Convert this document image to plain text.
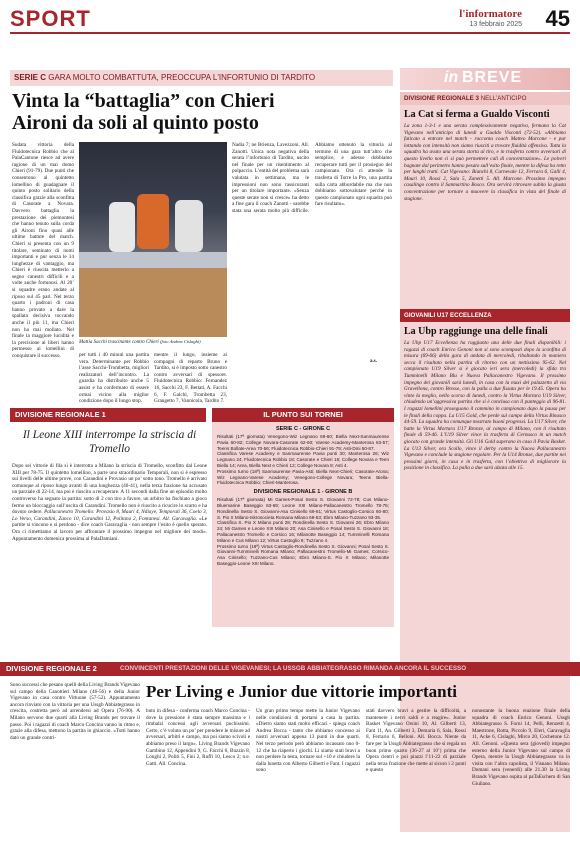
SPORT	l'informatore
13 febbraio 2025 45
SERIE C GARA MOLTO COMBATTUTA, PREOCCUPA L'INFORTUNIO DI TARDITO
Vinta la “battaglia” con Chieri
Aironi da soli al quinto posto
Sudata vittoria della Fluidotecnica Robbio che al PalaCantone riesce ad avere ragione di un mai domo Chieri (91-79). Due punti che consentono al quintetto lomellino di guadagnare il quinto posto solitario della classifica grazie alla sconfitta di Casorate a Novara. Davvero battaglia la prestazione dei piemontesi che hanno tenuto sulla corda gli Aironi fino quasi alle ultime battute del match. Chieri si presenta con un 9 titolare, seminato di nomi importanti e pur senza le 14 lunghezze di vantaggio, ma Chieri è riuscita metterlo a segno canestri difficili e a volte anche fortunosi. Al 20’ si squadre erano andate al riposo sul 45 pari. Nel terzo quarto i padroni di casa hanno provato a dare la spallata decisiva toccando anche il più 11, ma Chieri non ha mai mollato. Nel finale la maggiore lucidità e la precisione ai liberi hanno permesso ai lomellini di conquistare il successo.
Mattia Sacchi trascinante contro Chieri (foto Andrea Cislaghi)
per tutti i 40 minuti una partita vera. Determinante per Robbio l’asse Sacchi-Trombetta, migliori realizzatori dell’incontro. La guardia ha distribuito anche 5 assist e ha confermato di essere ormai vicino alla miglior condizione dopo il lungo stop.
mentre il lungo, insieme ai compagni di reparto Bruno e Tardito, si è imposto sotto canestro contro avversari di spessore. Fluidotecnica Robbio: Fernandez 16, Sacchi 23, F. Bettati, A. Facchi 6, F. Galchi, Trombetta 23, Grangetto 7, Vannicola, Tardito 7.
Nadia 7; ne Brienza, Lavezzoni. All. Zanotti. Unica nota negativa della serata l’infortunio di Tardito, uscito nel finale per un risentimento al polpaccio. L’entità del problema sarà valutata in settimana, ma le impressioni non sono rassicuranti per un titolare importante. «Senza queste serate non si cresce» ha detto a fine gara il coach Zanotti - sarebbe stata una serata molto più difficile. Abbiamo ottenuto la vittoria al termine di una gara tutt’altro che semplice, e adesso dobbiamo recuperare tutti per il prosieguo del campionato. Ora ci attende la trasferta di Torre la Pro, una partita sulla carta abbordabile ma che non dobbiamo sottovalutare perché in questo campionato ogni squadra può fare risultato».
a.s.
DIVISIONE REGIONALE 1
Il Leone XIII interrompe la striscia di Tromello
Dopo sei vittorie di fila si è interrotta a Milano la striscia di Tromello, sconfitto dal Leone XIII per 78-75. Il quintetto lomellino, a parte uno straordinario Temporali, non si è espresso sui livelli delle ultime prove, con Carandini e Provasio un po’ sotto tono. Tromello è arrivato comunque al riposo lungo avanti di una lunghezza (40-41), nella terza frazione ha accusato un parziale di 22-14, ma poi è riuscito a recuperare. A 11 secondi dalla fine un episodio molto controverso ha segnato la partita: sotto di 2 con tiro a favore, un arbitro ha fischiato a gioco fermo un bloccaggio sull’uscita di Carandini. Tromello non è riuscito a ricucire lo scarto e ha dovuto cedere. Pallacanestro Tromello: Provasio 8, Mauri 4, Ndiaye, Temporali 36, Coelo 3, Lo Verso, Carandini, Zanco 10, Carandini 12, Politano 2, Fontanesi. All. Garavaglia. «Le partite si vincono e si perdono - dice coach Garavaglia - non sempre l’esito è quello sperato. Ora ci rimettiamo al lavoro per affrontare il prossimo impegno nel migliore dei modi». Appuntamento domenica prossima al PalaDamiani.
IL PUNTO SUI TORNEI
SERIE C - GIRONE C
Risultati (17ª giornata) Venegono-Wiz Legnano 69-60; Biella Next-Sanmaurense Pavia 60-82; College Novara-Casorate 62-60; Varese Academy-Manterosa 63-57; Teens Bollate-Area 70-56; Fluidotecnica Robbio-Chieri 91-79; Asti-Dmi 50-87.
Classifica Varese Academy e Sanmaurense Pavia punti 30; Manterosa 26; Wiz Legnano 24; Fluidotecnica Robbio 18; Casorate e Chieri 16; College Novara e Teen Biella 14; Area, Biella Next e Chieri 12; College Novara 8; Asti 4.
Prossimo turno (18ª) Sanmaurense Pavia-Asti; Biella Next-Chieri; Casorate-Arona; Wiz Legnano-Varese Academy; Venegono-College Novara; Teens Biella-Fluidotecnica Robbio; Chieri-Manterosa.
DIVISIONE REGIONALE 1 - GIRONE B
Risultati (17ª giornata) Mi Games-Posal Sesto S. Giovanni 72-78; Cus Milano-Bluemarine Baseggio 63-69; Leone XIII Milano-Pallacanestro Tromello 78-75; Rondinella Sesto S. Giovanni-Asa Cinisello 69-61; Virtus Castoglio-Corsico 60-80; S. Pio X Milano-Iskrosocieta Romana Milano 69-53; Ebro Milano-Tuzzano 93-35.
Classifica S. Pio X Milano punti 28; Rondinella Sesto S. Giovanni 26; Ebro Milano 24; Mi Games e Leone XIII Milano 20; Asa Cinisello e Posal Sesto S. Giovanni 18; Pallacanestro Tromello e Corsico 16; Milanotte Baseggio 14; Tumminelli Romana Milano e Cus Milano 12; Virtus Castoglio 8; Tuzzano 4.
Prossimo turno (18ª) Virtus Castoglio-Rondinella Sesto S. Giovanni; Posal Sesto S. Giovanni-Tumminelli Romana Milano; Pallacanestro Tromello-Mi Games; Corsico-Asa Cinisello; Tuzzano-Cus Milano; Ebro Milano-S. Pio X Milano; Milanotte Baseggio-Leone XIII Milano.
in BREVE
DIVISIONE REGIONALE 3 NELL’ANTICIPO
La Cat si ferma a Gualdo Visconti
La zona 1-3-1 e una serata complessivamente negativa, fermano la Cat Vigevano nell’anticipo di lunedì a Gualdo Visconti (72-52). «Abbiamo faticato a entrare nel match - racconta coach Matteo Marcone - e pur lottando con intensità non siamo riusciti a trovare fluidità offensiva. Tutta la squadra ha avuto una serata storta al tiro, e in trasferta contro avversari di questo livello non ci si può permettere cali di concentrazione». Le polveri bagnate dal perimetro hanno pesato sull’esito finale, mentre la difesa ha retto per lunghi tratti. Cat Vigevano: Bianchi 8, Carnevale 12, Ferrara 6, Galli 4, Mauri 10, Rossi 2, Sala 5, Zanetti 5. All. Marcone. Prossimo impegno casalingo contro il Sanmartino Bosco. Ora servirà ritrovare subito la giusta concentrazione per tornare a muovere la classifica in vista del finale di stagione.
GIOVANILI U17 ECCELLENZA
La Ubp raggiunge una delle finali
La Ubp U17 Eccellenza ha raggiunto una delle due finali disponibili: i ragazzi di coach Enrico Genoni non si sono scomposti dopo la sconfitta di misura (69-66) della gara di andata di mercoledì, ribaltando in maniera secca il risultato nella partita di ritorno con un nettissimo 95-62. Nel campionato U19 Silver si è giocato ieri sera (mercoledì) la sfida tra Tumminelli Milano Blu e Nuova Pallacanestro Vigevano. Il prossimo impegno dei giovanili sarà lunedì, in casa con la maxi del palazzetto di via Gravellona, contro Bresso, con la palla a due fissata per le 19.45. Opera ha vinto la meglio, nello scorso di lunedì, contro la Virtus Mortara U19 Silver, chiudendo un’aggressiva partita che si è conclusa con il punteggio di 96-81. I ragazzi lomellini proseguono il cammino in campionato dopo la pausa per le finali della coppa. La U15 Gold, che perde sul campo della Virtus Binasco 44-59. La squadra ha comunque mostrato buoni progressi. La U17 Silver, che batte la Virtus Mortara U17 Bronze, al campo di Milano, con il risultato finale di 59-46. L’U19 Silver vince la trasferta di Cernusco in un match giocato con grande intensità. Gli U16 Gold superano in casa il Pavia Basket. La U13 Silver, ora Scollo, vince il derby contro la Nuova Pallacanestro Vigevano e conclude la stagione regolare. Per la U14 Bronze, due partite nei prossimi giorni, in casa e in trasferta, con l’obiettivo di migliorare la posizione in classifica. La palla a due sarà alzata alle 15.
DIVISIONE REGIONALE 2	CONVINCENTI PRESTAZIONI DELLE VIGEVANESI; LA USSGB ABBIATEGRASSO RIMANDA ANCORA IL SUCCESSO
Sono successi che pesano quelli della Living Brands Vigevano sul campo della Canottieri Milano (46-56) e della Junior Vigevano in casa contro Vittuone (57-52). Appuntamento ancora rinviato con la vittoria per una Ussgb Abbiategrasso in crescita, costretta però ad arrendersi ad Opera (76-90). A Milano servono due quarti alla Living Brands per trovare il passo. Poi i ragazzi di coach Marco Concina vanno in ritmo e, grazie alla difesa, mettono la partita in ghiaccio. «Tutti hanno dato un grande contri-
Per Living e Junior due vittorie importanti
buto in difesa - conferma coach Marco Concina - dove la pressione è stata sempre massima e i rimbalzi concessi agli avversari pochissimi. Certo, c’è voluto un po’ per prendere le misure ad avversari, arbitri e campo, ma poi siamo scivoli e abbiamo preso il largo». Living Brands Vigevano Gambino 12, Appendini 9, G. Facchi 6, Buzzin 8, Longhi 2, Politi 5, Fini 2, Ruffi 10, Lesco 2; n.e. Gatti. All. Concina.
Un gran primo tempo mette la Junior Vigevano nelle condizioni di portarsi a casa la partita. «Dietro siamo stati molto efficaci - spiega coach Andrea Bocca - tanto che abbiamo concesso ai nostri avversari appena 13 punti in due quarti. Nel terzo periodo però abbiamo incassato uno 0-12 che ha riaperto i giochi. Li siamo stati bravi a non perdere la testa, tornare sul +10 e chiudere la dalla lunetta con Alberto Gilberti e Fant. I ragazzi sono
stati davvero bravi a gestire la difficoltà, a mantenere i nervi saldi e a reagire». Junior Basket Vigevano Orsini 10, Al. Gilberti 13, Fant 11, An. Gilberti 3, Demaria 6, Sala, Rossi 8, Ferrario 6, Belloni. All. Bocca. Niente da fare per la Ussgb Abbiategrasso che si regala un buon primo quarto (36-27 al 10’) prima che Opera rientri e poi piazzi l’11-22 di parziale nella terza frazione che mette al sicuro i 2 punti e questo
nonostante la buona reazione finale della squadra di coach Enrico Genoni. Ussgb Abbiategrasso S. Forni 14, Pelli, Renzetti 4, Maestrone, Rotta, Piccolo 9, Eleri, Garavaglia 11, Acke 6, Cislaghi, Mirco 20, Cochetone 12. All. Genoni. «Questa sera (giovedì) impegno esterno della Junior Vigevano sul campo di Opera, mentre la Ussgb Abbiategrasso va in visita con l’altra capolista, il Visnano Milano. Domani sera (venerdì) alle 21.30 la Living Brands Vigevano ospita al paTaEschem di San Giuliano.
